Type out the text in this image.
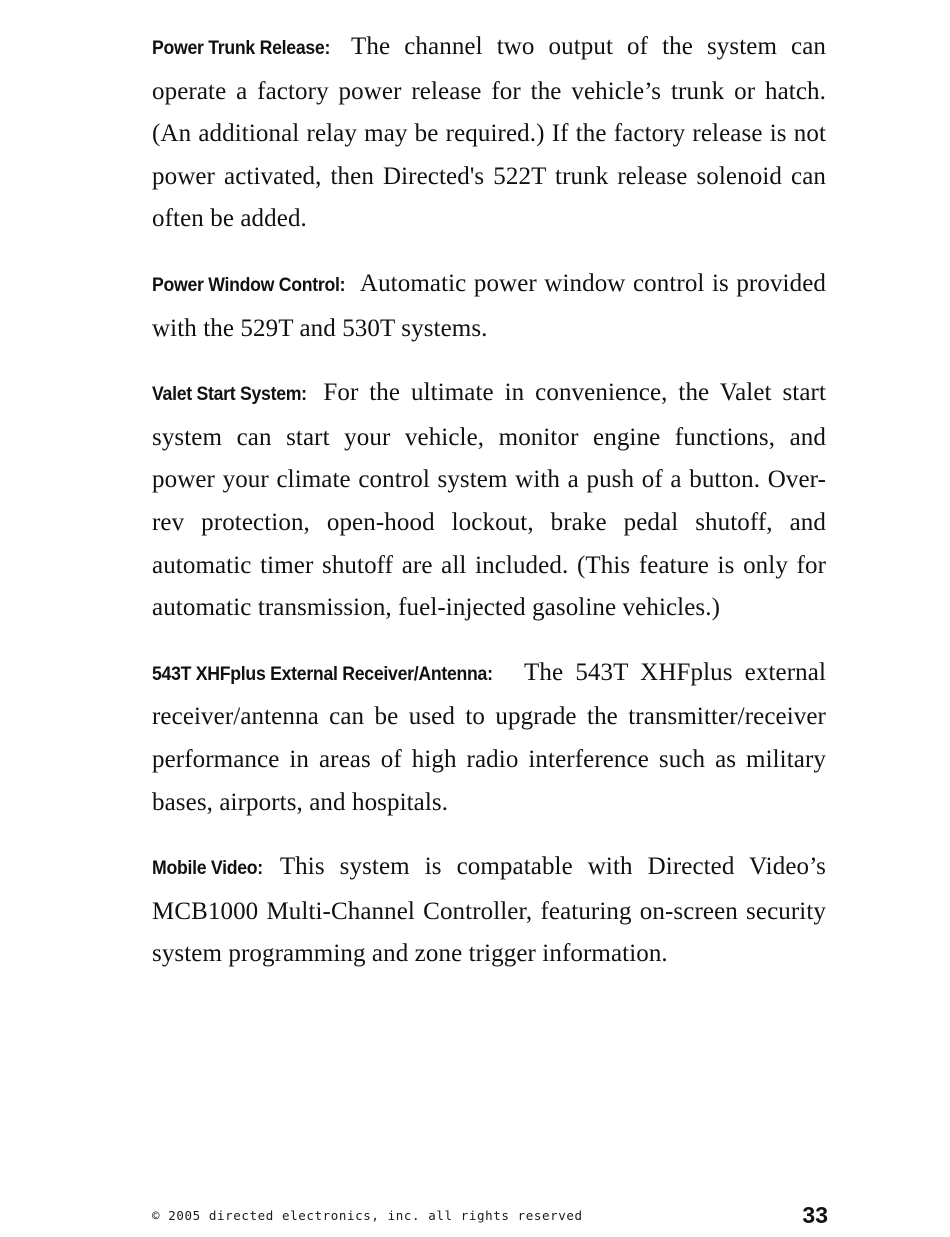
Power Trunk Release: The channel two output of the system can operate a factory power release for the vehicle’s trunk or hatch. (An additional relay may be required.) If the factory release is not power activated, then Directed's 522T trunk release solenoid can often be added.

Power Window Control: Automatic power window control is provided with the 529T and 530T systems.

Valet Start System: For the ultimate in convenience, the Valet start system can start your vehicle, monitor engine functions, and power your climate control system with a push of a button. Over-rev protection, open-hood lockout, brake pedal shutoff, and automatic timer shutoff are all included. (This feature is only for automatic transmission, fuel-injected gasoline vehicles.)

543T XHFplus External Receiver/Antenna: The 543T XHFplus external receiver/antenna can be used to upgrade the transmitter/receiver performance in areas of high radio interference such as military bases, airports, and hospitals.

Mobile Video: This system is compatable with Directed Video’s MCB1000 Multi-Channel Controller, featuring on-screen security system programming and zone trigger information.

© 2005 directed electronics, inc. all rights reserved	33
